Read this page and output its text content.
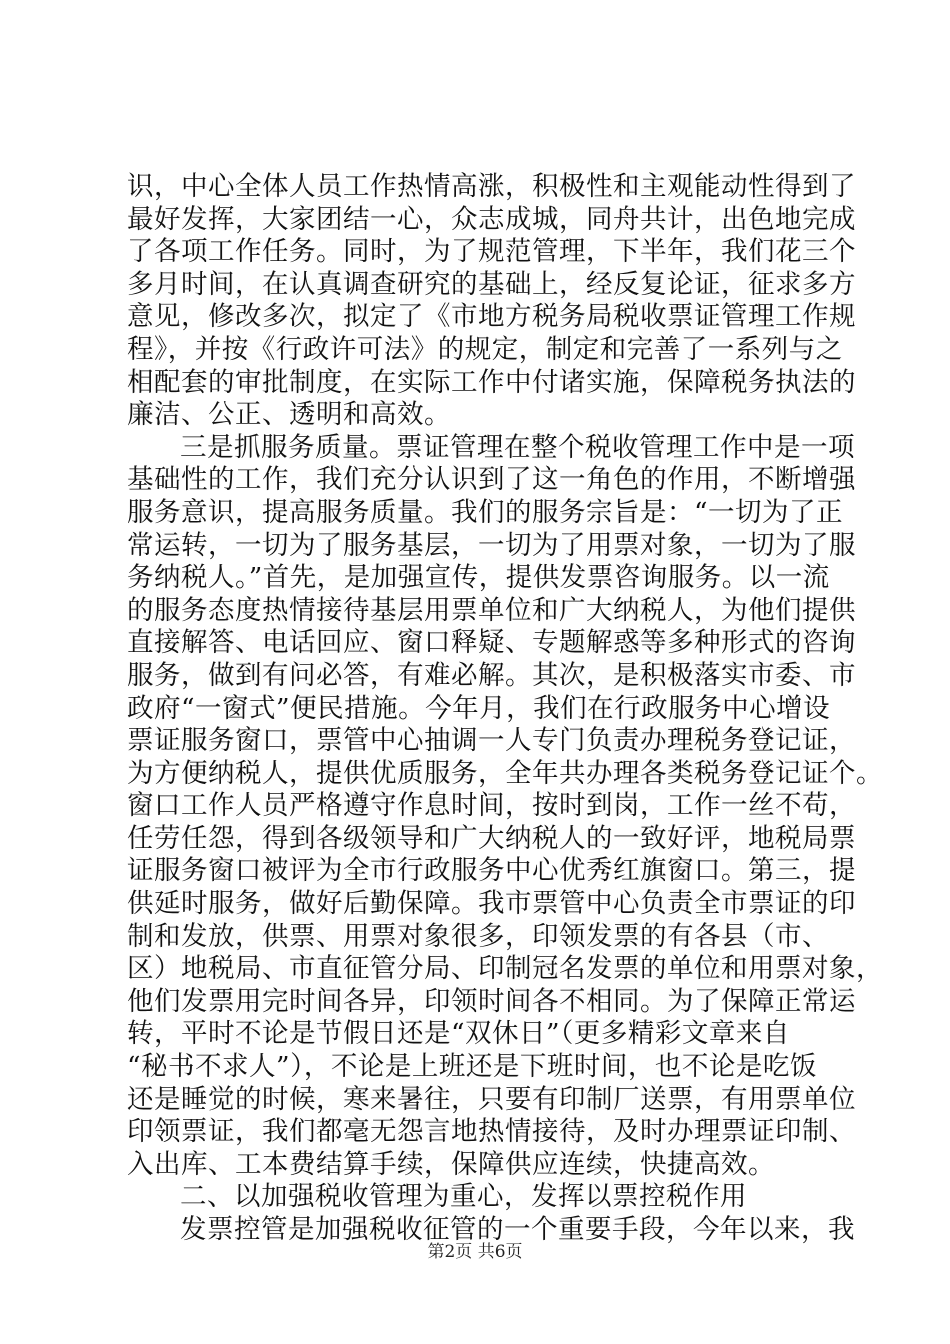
识，中心全体人员工作热情高涨，积极性和主观能动性得到了
最好发挥，大家团结一心，众志成城，同舟共计，出色地完成
了各项工作任务。同时，为了规范管理，下半年，我们花三个
多月时间，在认真调查研究的基础上，经反复论证，征求多方
意见，修改多次，拟定了《市地方税务局税收票证管理工作规
程》，并按《行政许可法》的规定，制定和完善了一系列与之
相配套的审批制度，在实际工作中付诸实施，保障税务执法的
廉洁、公正、透明和高效。
三是抓服务质量。票证管理在整个税收管理工作中是一项
基础性的工作，我们充分认识到了这一角色的作用，不断增强
服务意识，提高服务质量。我们的服务宗旨是：“一切为了正
常运转，一切为了服务基层，一切为了用票对象，一切为了服
务纳税人。”首先，是加强宣传，提供发票咨询服务。以一流
的服务态度热情接待基层用票单位和广大纳税人，为他们提供
直接解答、电话回应、窗口释疑、专题解惑等多种形式的咨询
服务，做到有问必答，有难必解。其次，是积极落实市委、市
政府“一窗式”便民措施。今年月，我们在行政服务中心增设
票证服务窗口，票管中心抽调一人专门负责办理税务登记证，
为方便纳税人，提供优质服务，全年共办理各类税务登记证个。
窗口工作人员严格遵守作息时间，按时到岗，工作一丝不苟，
任劳任怨，得到各级领导和广大纳税人的一致好评，地税局票
证服务窗口被评为全市行政服务中心优秀红旗窗口。第三，提
供延时服务，做好后勤保障。我市票管中心负责全市票证的印
制和发放，供票、用票对象很多，印领发票的有各县（市、
区）地税局、市直征管分局、印制冠名发票的单位和用票对象，
他们发票用完时间各异，印领时间各不相同。为了保障正常运
转，平时不论是节假日还是“双休日”（更多精彩文章来自
“秘书不求人”），不论是上班还是下班时间，也不论是吃饭
还是睡觉的时候，寒来暑往，只要有印制厂送票，有用票单位
印领票证，我们都毫无怨言地热情接待，及时办理票证印制、
入出库、工本费结算手续，保障供应连续，快捷高效。
二、以加强税收管理为重心，发挥以票控税作用
发票控管是加强税收征管的一个重要手段，今年以来，我
第2页 共6页
